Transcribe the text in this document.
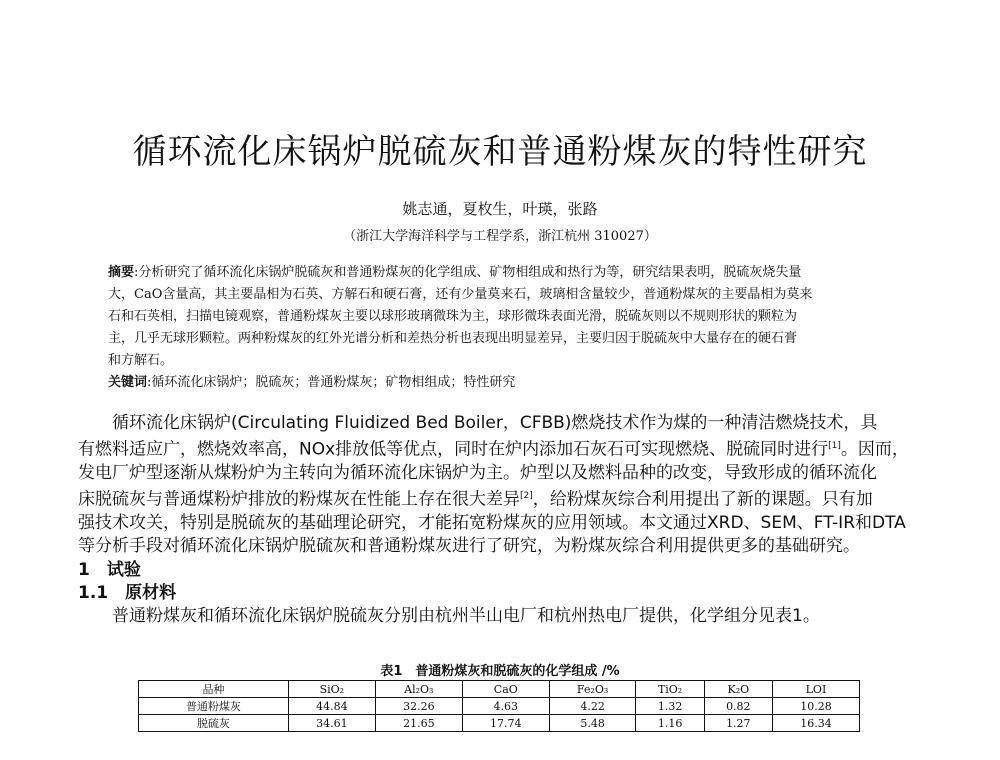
循环流化床锅炉脱硫灰和普通粉煤灰的特性研究
姚志通，夏枚生，叶瑛，张路
（浙江大学海洋科学与工程学系，浙江杭州 310027）
摘要:分析研究了循环流化床锅炉脱硫灰和普通粉煤灰的化学组成、矿物相组成和热行为等，研究结果表明，脱硫灰烧失量
大，CaO含量高，其主要晶相为石英、方解石和硬石膏，还有少量莫来石，玻璃相含量较少，普通粉煤灰的主要晶相为莫来
石和石英相，扫描电镜观察，普通粉煤灰主要以球形玻璃微珠为主，球形微珠表面光滑，脱硫灰则以不规则形状的颗粒为
主，几乎无球形颗粒。两种粉煤灰的红外光谱分析和差热分析也表现出明显差异，主要归因于脱硫灰中大量存在的硬石膏
和方解石。
关键词:循环流化床锅炉；脱硫灰；普通粉煤灰；矿物相组成；特性研究
　　循环流化床锅炉(Circulating Fluidized Bed Boiler，CFBB)燃烧技术作为煤的一种清洁燃烧技术，具
有燃料适应广，燃烧效率高，NOx排放低等优点，同时在炉内添加石灰石可实现燃烧、脱硫同时进行[1]。因而，
发电厂炉型逐渐从煤粉炉为主转向为循环流化床锅炉为主。炉型以及燃料品种的改变，导致形成的循环流化
床脱硫灰与普通煤粉炉排放的粉煤灰在性能上存在很大差异[2]，给粉煤灰综合利用提出了新的课题。只有加
强技术攻关，特别是脱硫灰的基础理论研究，才能拓宽粉煤灰的应用领域。本文通过XRD、SEM、FT-IR和DTA
等分析手段对循环流化床锅炉脱硫灰和普通粉煤灰进行了研究，为粉煤灰综合利用提供更多的基础研究。
1　试验
1.1　原材料
　　普通粉煤灰和循环流化床锅炉脱硫灰分别由杭州半山电厂和杭州热电厂提供，化学组分见表1。
表1　普通粉煤灰和脱硫灰的化学组成 /%
品种	SiO₂	Al₂O₃	CaO	Fe₂O₃	TiO₂	K₂O	LOI
普通粉煤灰	44.84	32.26	4.63	4.22	1.32	0.82	10.28
脱硫灰	34.61	21.65	17.74	5.48	1.16	1.27	16.34
